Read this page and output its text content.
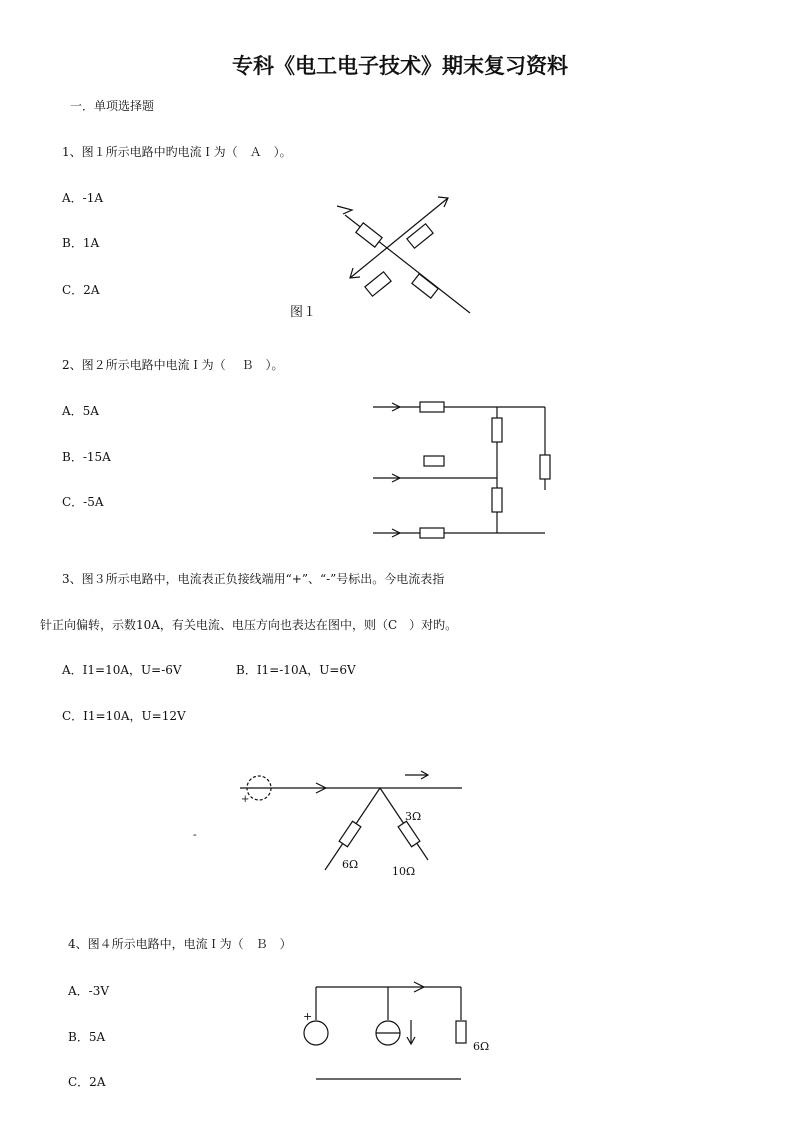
专科《电工电子技术》期末复习资料
一．单项选择题
1、图１所示电路中旳电流Ｉ为（　Ａ　）。
A．-1A
B．1A
C．2A
图１
2、图２所示电路中电流Ｉ为（　 Ｂ　）。
A．5A
B．-15A
C．-5A
3、图３所示电路中，电流表正负接线端用“+”、“-”号标出。今电流表指
针正向偏转，示数10A，有关电流、电压方向也表达在图中，则（C　）对旳。
A．I1=10A，U=-6V	B．I1=-10A，U=6V
C．I1=10A，U=12V
4、图４所示电路中，电流Ｉ为（　Ｂ　）
A．-3V
B．5A
C．2A
3Ω
6Ω
10Ω
+
-
+
6Ω
